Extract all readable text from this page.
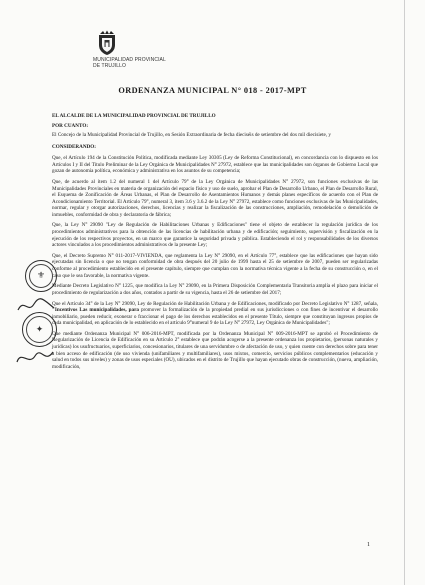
MUNICIPALIDAD PROVINCIAL
DE TRUJILLO
ORDENANZA MUNICIPAL N° 018 - 2017-MPT

EL ALCALDE DE LA MUNICIPALIDAD PROVINCIAL DE TRUJILLO

POR CUANTO:

El Concejo de la Municipalidad Provincial de Trujillo, en Sesión Extraordinaria de fecha dieciséis de setiembre del dos mil diecisiete, y

CONSIDERANDO:

Que, el Artículo 194 de la Constitución Política, modificada mediante Ley 30305 (Ley de Reforma Constitucional), en concordancia con lo dispuesto en los Artículos I y II del Título Preliminar de la Ley Orgánica de Municipalidades N° 27972, establece que las municipalidades son órganos de Gobierno Local que gozan de autonomía política, económica y administrativa en los asuntos de su competencia;

Que, de acuerdo al ítem 1.2 del numeral 1 del Artículo 79° de la Ley Orgánica de Municipalidades N° 27972, son funciones exclusivas de las Municipalidades Provinciales en materia de organización del espacio físico y uso de suelo, aprobar el Plan de Desarrollo Urbano, el Plan de Desarrollo Rural, el Esquema de Zonificación de Áreas Urbanas, el Plan de Desarrollo de Asentamientos Humanos y demás planes específicos de acuerdo con el Plan de Acondicionamiento Territorial. El Artículo 79°, numeral 3, ítem 3.6 y 3.6.2 de la Ley N° 27972, establece como funciones exclusivas de las Municipalidades, normar, regular y otorgar autorizaciones, derechos, licencias y realizar la fiscalización de las construcciones, ampliación, remodelación o demolición de inmuebles, conformidad de obra y declaratoria de fábrica;

Que, la Ley N° 29090 "Ley de Regulación de Habilitaciones Urbanas y Edificaciones" tiene el objeto de establecer la regulación jurídica de los procedimientos administrativos para la obtención de las licencias de habilitación urbana y de edificación; seguimiento, supervisión y fiscalización en la ejecución de los respectivos proyectos, en un marco que garantice la seguridad privada y pública. Estableciendo el rol y responsabilidades de los diversos actores vinculados a los procedimientos administrativos de la presente Ley;

Que, el Decreto Supremo N° 011-2017-VIVIENDA, que reglamenta la Ley N° 29090, en el Artículo 77°, establece que las edificaciones que hayan sido ejecutadas sin licencia o que no tengan conformidad de obra después del 20 julio de 1999 hasta el 25 de setiembre de 2007, pueden ser regularizadas conforme al procedimiento establecido en el presente capítulo, siempre que cumplan con la normativa técnica vigente a la fecha de su construcción o, en el caso que le sea favorable, la normativa vigente.

Mediante Decreto Legislativo N° 1225, que modifica la Ley N° 29090, en la Primera Disposición Complementaria Transitoria amplía el plazo para iniciar el procedimiento de regularización a dos años, contados a partir de su vigencia, hasta el 26 de setiembre del 2017;

Que el Artículo 34° de la Ley N° 29090, Ley de Regulación de Habilitación Urbana y de Edificaciones, modificado por Decreto Legislativo N° 1287, señala, "Incentivos Las municipalidades, para promover la formalización de la propiedad predial en sus jurisdicciones o con fines de incentivar el desarrollo inmobiliario, pueden reducir, exonerar o fraccionar el pago de los derechos establecidos en el presente Título, siempre que constituyan ingresos propios de cada municipalidad, en aplicación de lo establecido en el artículo 9°numeral 9 de la Ley N° 27972, Ley Orgánica de Municipalidades";

Que mediante Ordenanza Municipal N° 006-2016-MPT, modificada por la Ordenanza Municipal N° 009-2016-MPT se aprobó el Procedimiento de Regularización de Licencia de Edificación en su Artículo 2° establece que podrán acogerse a la presente ordenanza los propietarios, (personas naturales y jurídicas) los usufructuarios, superficiarios, concesionarios, titulares de una servidumbre o de afectación de uso, y quien cuente con derechos sobre para tener a bien acceso de edificación (de uso vivienda (unifamiliares y multifamiliares), usos mixtos, comercio, servicios públicos complementarios (educación y salud en todos sus niveles) y zonas de usos especiales (OU), ubicados en el distrito de Trujillo que hayan ejecutado obras de construcción, (nueva, ampliación, modificación,

⚜
✦
1
